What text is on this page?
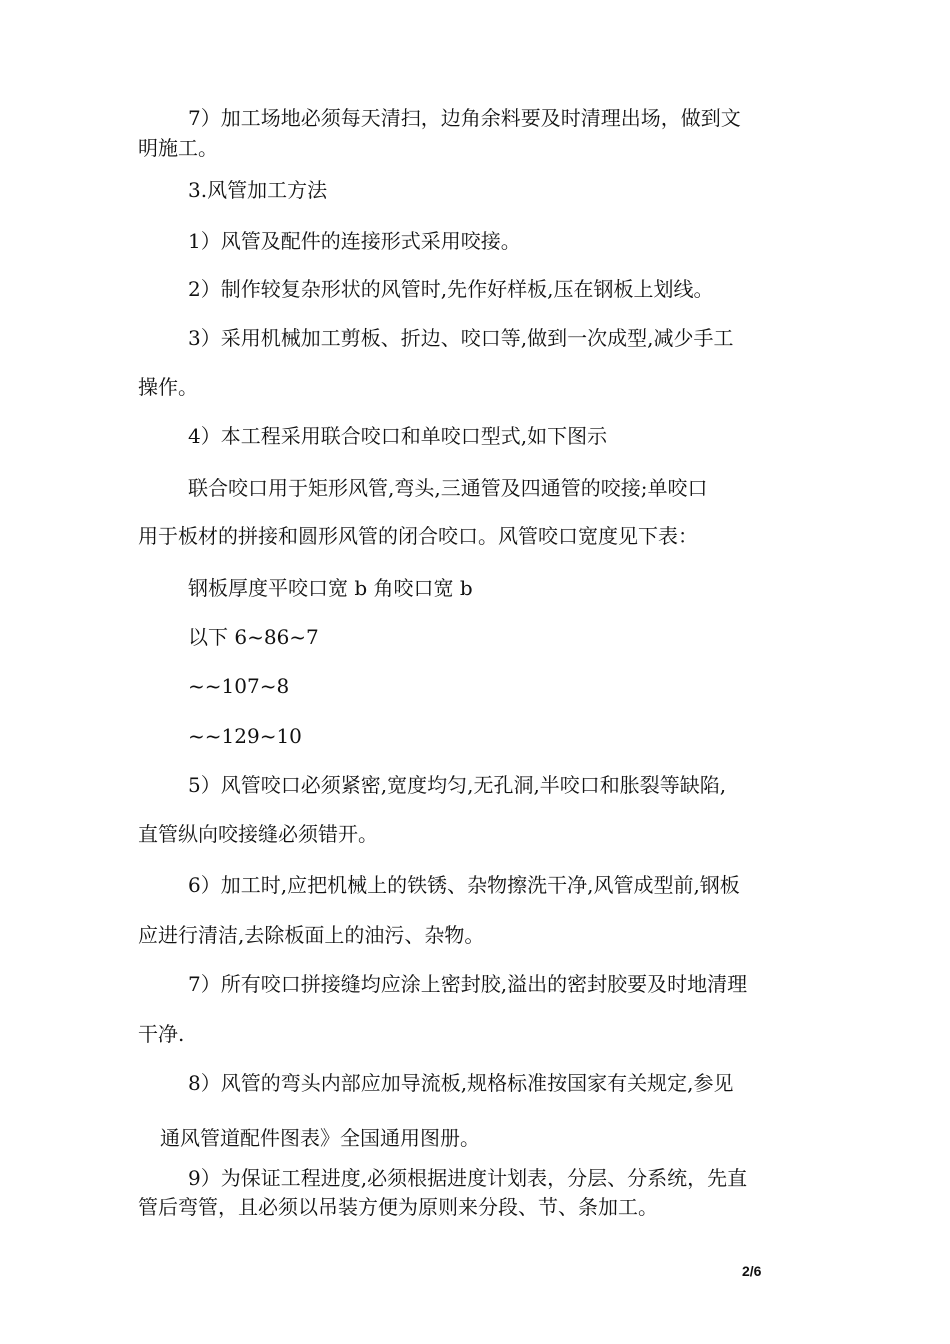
7）加工场地必须每天清扫，边角余料要及时清理出场，做到文
明施工。
3.风管加工方法
1）风管及配件的连接形式采用咬接。
2）制作较复杂形状的风管时,先作好样板,压在钢板上划线。
3）采用机械加工剪板、折边、咬口等,做到一次成型,减少手工
操作。
4）本工程采用联合咬口和单咬口型式,如下图示
联合咬口用于矩形风管,弯头,三通管及四通管的咬接;单咬口
用于板材的拼接和圆形风管的闭合咬口。风管咬口宽度见下表：
钢板厚度平咬口宽 b 角咬口宽 b
以下 6~86~7
~~107~8
~~129~10
5）风管咬口必须紧密,宽度均匀,无孔洞,半咬口和胀裂等缺陷,
直管纵向咬接缝必须错开。
6）加工时,应把机械上的铁锈、杂物擦洗干净,风管成型前,钢板
应进行清洁,去除板面上的油污、杂物。
7）所有咬口拼接缝均应涂上密封胶,溢出的密封胶要及时地清理
干净.
8）风管的弯头内部应加导流板,规格标准按国家有关规定,参见
通风管道配件图表》全国通用图册。
9）为保证工程进度,必须根据进度计划表，分层、分系统，先直
管后弯管，且必须以吊装方便为原则来分段、节、条加工。
2/6
